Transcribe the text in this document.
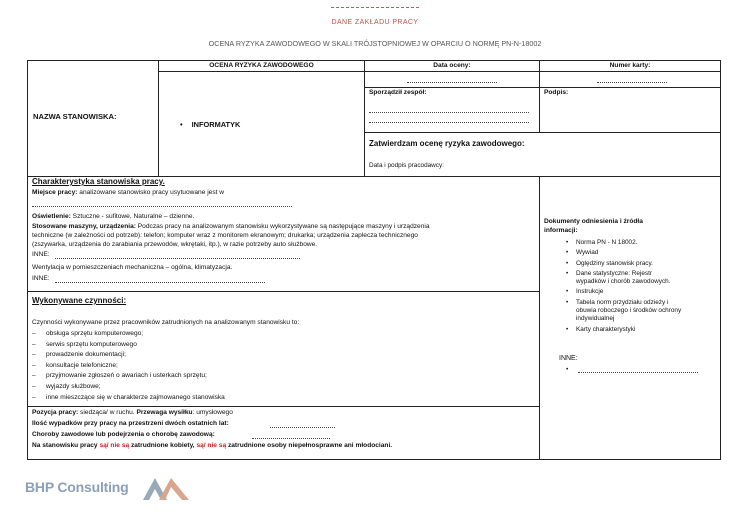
DANE ZAKŁADU PRACY
OCENA RYZYKA ZAWODOWEGO W SKALI TRÓJSTOPNIOWEJ W OPARCIU O NORMĘ PN-N-18002
NAZWA STANOWISKA:
OCENA RYZYKA ZAWODOWEGO
• INFORMATYK
Data oceny:	Numer karty:
Sporządził zespół:	Podpis:
Zatwierdzam ocenę ryzyka zawodowego:
Data i podpis pracodawcy:
Charakterystyka stanowiska pracy.
Miejsce pracy: analizowane stanowisko pracy usytuowane jest w
Oświetlenie: Sztuczne - sufitowe, Naturalne – dzienne.
Stosowane maszyny, urządzenia: Podczas pracy na analizowanym stanowisku wykorzystywane są następujące maszyny i urządzenia
techniczne (w zależności od potrzeb): telefon; komputer wraz z monitorem ekranowym; drukarka; urządzenia zaplecza technicznego
(zszywarka, urządzenia do zarabiania przewodów, wkrętaki, itp.), w razie potrzeby auto służbowe.
INNE:
Wentylacja w pomieszczeniach mechaniczna – ogólna, klimatyzacja.
INNE:
Wykonywane czynności:
Czynności wykonywane przez pracowników zatrudnionych na analizowanym stanowisku to:
– obsługa sprzętu komputerowego;
– serwis sprzętu komputerowego
– prowadzenie dokumentacji;
– konsultacje telefoniczne;
– przyjmowanie zgłoszeń o awariach i usterkach sprzętu;
– wyjazdy służbowe;
– inne mieszczące się w charakterze zajmowanego stanowiska
Pozycja pracy: siedząca/ w ruchu. Przewaga wysiłku: umysłowego
Ilość wypadków przy pracy na przestrzeni dwóch ostatnich lat:
Choroby zawodowe lub podejrzenia o chorobę zawodową:
Na stanowisku pracy są/ nie są zatrudnione kobiety, są/ nie są zatrudnione osoby niepełnosprawne ani młodociani.
Dokumenty odniesienia i źródła
informacji:
• Norma PN - N 18002.
• Wywiad
• Oględziny stanowisk pracy.
• Dane statystyczne: Rejestr
wypadków i chorób zawodowych.
• Instrukcje
• Tabela norm przydziału odzieży i
obuwia roboczego i środków ochrony
indywidualnej
• Karty charakterystyki
INNE:
•
BHP Consulting
